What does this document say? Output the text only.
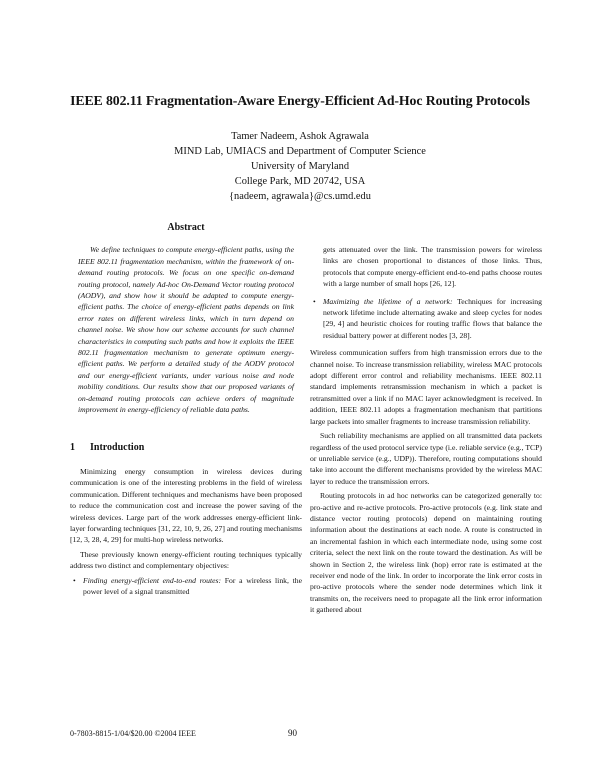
IEEE 802.11 Fragmentation-Aware Energy-Efficient Ad-Hoc Routing Protocols
Tamer Nadeem, Ashok Agrawala
MIND Lab, UMIACS and Department of Computer Science
University of Maryland
College Park, MD 20742, USA
{nadeem, agrawala}@cs.umd.edu
Abstract

We define techniques to compute energy-efficient paths, using the IEEE 802.11 fragmentation mechanism, within the framework of on-demand routing protocols. We focus on one specific on-demand routing protocol, namely Ad-hoc On-Demand Vector routing protocol (AODV), and show how it should be adapted to compute energy-efficient paths. The choice of energy-efficient paths depends on link error rates on different wireless links, which in turn depend on channel noise. We show how our scheme accounts for such channel characteristics in computing such paths and how it exploits the IEEE 802.11 fragmentation mechanism to generate optimum energy-efficient paths. We perform a detailed study of the AODV protocol and our energy-efficient variants, under various noise and node mobility conditions. Our results show that our proposed variants of on-demand routing protocols can achieve orders of magnitude improvement in energy-efficiency of reliable data paths.

1 Introduction

Minimizing energy consumption in wireless devices during communication is one of the interesting problems in the field of wireless communication. Different techniques and mechanisms have been proposed to reduce the communication cost and increase the power saving of the wireless devices. Large part of the work addresses energy-efficient link-layer forwarding techniques [31, 22, 10, 9, 26, 27] and routing mechanisms [12, 3, 28, 4, 29] for multi-hop wireless networks.

These previously known energy-efficient routing techniques typically address two distinct and complementary objectives:

• Finding energy-efficient end-to-end routes: For a wireless link, the power level of a signal transmitted
gets attenuated over the link. The transmission powers for wireless links are chosen proportional to distances of those links. Thus, protocols that compute energy-efficient end-to-end paths choose routes with a large number of small hops [26, 12].
• Maximizing the lifetime of a network: Techniques for increasing network lifetime include alternating awake and sleep cycles for nodes [29, 4] and heuristic choices for routing traffic flows that balance the residual battery power at different nodes [3, 28].

Wireless communication suffers from high transmission errors due to the channel noise. To increase transmission reliability, wireless MAC protocols adopt different error control and reliability mechanisms. IEEE 802.11 standard implements retransmission mechanism in which a packet is retransmitted over a link if no MAC layer acknowledgment is received. In addition, IEEE 802.11 adopts a fragmentation mechanism that partitions large packets into smaller fragments to increase transmission reliability.

Such reliability mechanisms are applied on all transmitted data packets regardless of the used protocol service type (i.e. reliable service (e.g., TCP) or unreliable service (e.g., UDP)). Therefore, routing computations should take into account the different mechanisms provided by the wireless MAC layer to reduce the transmission errors.

Routing protocols in ad hoc networks can be categorized generally to: pro-active and re-active protocols. Pro-active protocols (e.g. link state and distance vector routing protocols) depend on maintaining routing information about the destinations at each node. A route is constructed in an incremental fashion in which each intermediate node, using some cost criteria, select the next link on the route toward the destination. As will be shown in Section 2, the wireless link (hop) error rate is estimated at the receiver end node of the link. In order to incorporate the link error costs in pro-active protocols where the sender node determines which link it transmits on, the receivers need to propagate all the link error information it gathered about

0-7803-8815-1/04/$20.00 ©2004 IEEE	90
